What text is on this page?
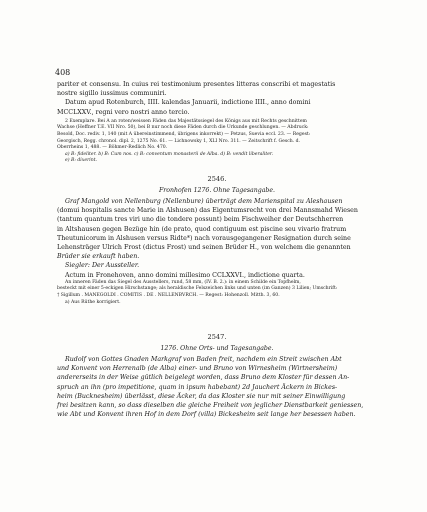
408

pariter et consensu. In cuius rei testimonium presentes litteras conscribi et magestatis

nostre sigillo iussimus communiri.

Datum apud Rotenburch, IIII. kalendas Januarii, indictione IIII., anno domini

MCCLXXV., regni vero nostri anno tercio.

2 Exemplare. Bei A an roten/weissen Fäden das Majestätssiegel des Königs aus mit Rechts geschnittem

Wachse (Heffner T.E. VII Nro. 50), bei B nur noch diese Fäden durch die Urkunde geschlungen. — Abdruck:

Besold, Doc. rediv. 1, 140 (mit A übereinstimmend, übrigens inkorrekt) — Petzus, Suevia eccl. 23. — Regest:

Georgisch, Regg. chronol. dipl. 2, 1275 No. 61. — Lichnowsky 1, XLI Nro. 311. — Zeitschrift f. Gesch. d.

Oberrheins 1, 488. — Böhmer-Redlich No. 470.

a) B: fideliter. b) B: Cum nos. c) B: conventum monasterii de Alba. d) B: vendit liberaliter.

e) B: dixerint.

2546.

Fronhofen 1276. Ohne Tagesangabe.

Graf Mangold von Nellenburg (Nellenbure) überträgt dem Marienspital zu Aleshausen

(domui hospitalis sancte Marie in Alshusen) das Eigentumsrecht von drei Mannsmahd Wiesen

(tantum quantum tres viri uno die tondere possunt) beim Fischweiher der Deutschherren

in Altshausen gegen Bezüge hin (de prato, quod contiguum est piscine seu vivario fratrum

Theutunicorum in Alshusen versus Ridte*) nach vorausgegangener Resignation durch seine

Lehensträger Ulrich Frost (dictus Frost) und seinen Brüder H., von welchem die genannten

Brüder sie erkauft haben.

Siegler: Der Aussteller.

Actum in Fronehoven, anno domini millesimo CCLXXVI., indictione quarta.

An inneren Fäden das Siegel des Ausstellers, rund, 58 mm, (IV. B. 2.): in einem Schilde ein Topfhelm,

besteckt mit einer 5-eckigen Hirschstange; als heraldische Felszeichen links und unten (im Ganzen) 3 Lilien; Umschrift:

† Sigillum . MANEGOLDI . COMITIS . DE . NELLENBVRCH. — Regest: Hohenzoll. Mitth. 3, 60.

a) Aus Rüthe korrigiert.

2547.

1276. Ohne Orts- und Tagesangabe.

Rudolf von Gottes Gnaden Markgraf von Baden freit, nachdem ein Streit zwischen Abt

und Konvent von Herrenalb (de Alba) einer- und Bruno von Wirnesheim (Wirtnersheim)

andererseits in der Weise gütlich beigelegt worden, dass Bruno dem Kloster für dessen An-

spruch an ihn (pro impetitione, quam in ipsum habebant) 2d Jauchert Äckern in Bickes-

heim (Bucknesheim) überlässt, diese Äcker, da das Kloster sie nur mit seiner Einwilligung

frei besitzen kann, so dass dieselben die gleiche Freiheit von jeglicher Dienstbarkeit geniessen,

wie Abt und Konvent ihren Hof in dem Dorf (villa) Bickesheim seit lange her besessen haben.
